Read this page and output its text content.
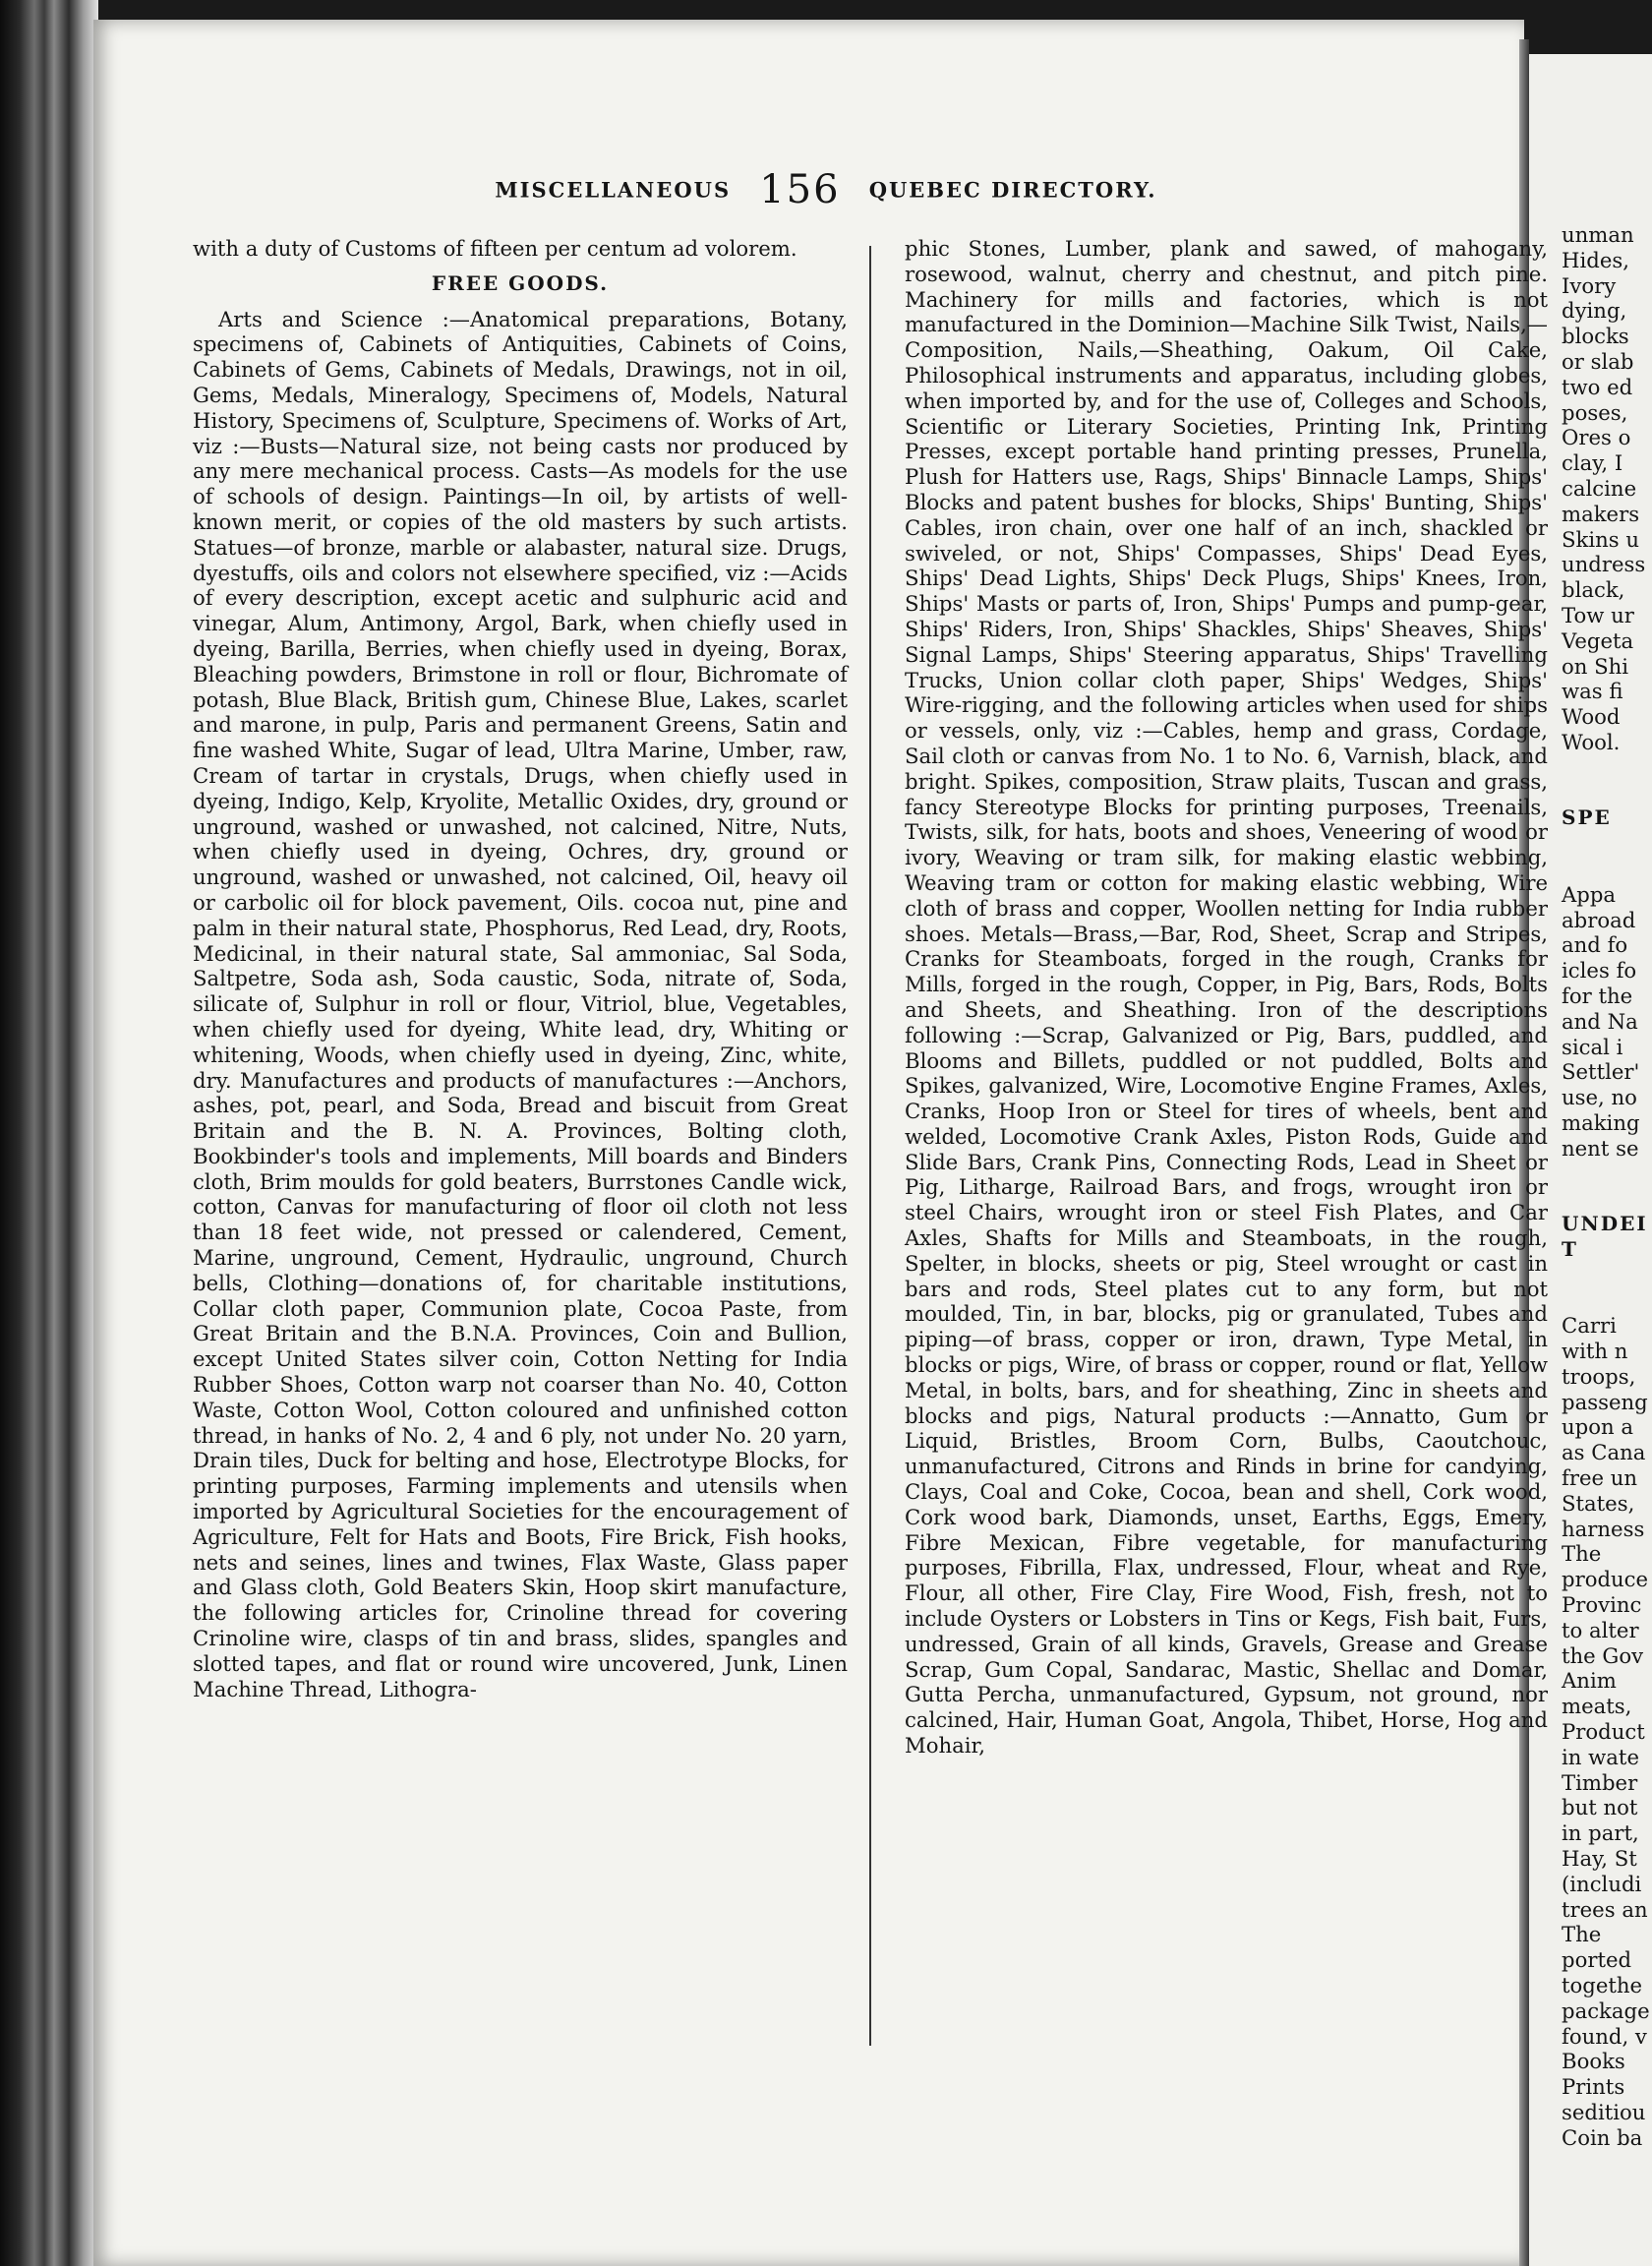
MISCELLANEOUS 156 QUEBEC DIRECTORY.

with a duty of Customs of fifteen per centum ad volorem.

FREE GOODS.

Arts and Science :—Anatomical preparations, Botany, specimens of, Cabinets of Antiquities, Cabinets of Coins, Cabinets of Gems, Cabinets of Medals, Drawings, not in oil, Gems, Medals, Mineralogy, Specimens of, Models, Natural History, Specimens of, Sculpture, Specimens of. Works of Art, viz :—Busts—Natural size, not being casts nor produced by any mere mechanical process. Casts—As models for the use of schools of design. Paintings—In oil, by artists of well-known merit, or copies of the old masters by such artists. Statues—of bronze, marble or alabaster, natural size. Drugs, dyestuffs, oils and colors not elsewhere specified, viz :—Acids of every description, except acetic and sulphuric acid and vinegar, Alum, Antimony, Argol, Bark, when chiefly used in dyeing, Barilla, Berries, when chiefly used in dyeing, Borax, Bleaching powders, Brimstone in roll or flour, Bichromate of potash, Blue Black, British gum, Chinese Blue, Lakes, scarlet and marone, in pulp, Paris and permanent Greens, Satin and fine washed White, Sugar of lead, Ultra Marine, Umber, raw, Cream of tartar in crystals, Drugs, when chiefly used in dyeing, Indigo, Kelp, Kryolite, Metallic Oxides, dry, ground or unground, washed or unwashed, not calcined, Nitre, Nuts, when chiefly used in dyeing, Ochres, dry, ground or unground, washed or unwashed, not calcined, Oil, heavy oil or carbolic oil for block pavement, Oils. cocoa nut, pine and palm in their natural state, Phosphorus, Red Lead, dry, Roots, Medicinal, in their natural state, Sal ammoniac, Sal Soda, Saltpetre, Soda ash, Soda caustic, Soda, nitrate of, Soda, silicate of, Sulphur in roll or flour, Vitriol, blue, Vegetables, when chiefly used for dyeing, White lead, dry, Whiting or whitening, Woods, when chiefly used in dyeing, Zinc, white, dry. Manufactures and products of manufactures :—Anchors, ashes, pot, pearl, and Soda, Bread and biscuit from Great Britain and the B. N. A. Provinces, Bolting cloth, Bookbinder's tools and implements, Mill boards and Binders cloth, Brim moulds for gold beaters, Burrstones Candle wick, cotton, Canvas for manufacturing of floor oil cloth not less than 18 feet wide, not pressed or calendered, Cement, Marine, unground, Cement, Hydraulic, unground, Church bells, Clothing—donations of, for charitable institutions, Collar cloth paper, Communion plate, Cocoa Paste, from Great Britain and the B.N.A. Provinces, Coin and Bullion, except United States silver coin, Cotton Netting for India Rubber Shoes, Cotton warp not coarser than No. 40, Cotton Waste, Cotton Wool, Cotton coloured and unfinished cotton thread, in hanks of No. 2, 4 and 6 ply, not under No. 20 yarn, Drain tiles, Duck for belting and hose, Electrotype Blocks, for printing purposes, Farming implements and utensils when imported by Agricultural Societies for the encouragement of Agriculture, Felt for Hats and Boots, Fire Brick, Fish hooks, nets and seines, lines and twines, Flax Waste, Glass paper and Glass cloth, Gold Beaters Skin, Hoop skirt manufacture, the following articles for, Crinoline thread for covering Crinoline wire, clasps of tin and brass, slides, spangles and slotted tapes, and flat or round wire uncovered, Junk, Linen Machine Thread, Lithogra-

phic Stones, Lumber, plank and sawed, of mahogany, rosewood, walnut, cherry and chestnut, and pitch pine. Machinery for mills and factories, which is not manufactured in the Dominion—Machine Silk Twist, Nails,—Composition, Nails,—Sheathing, Oakum, Oil Cake, Philosophical instruments and apparatus, including globes, when imported by, and for the use of, Colleges and Schools, Scientific or Literary Societies, Printing Ink, Printing Presses, except portable hand printing presses, Prunella, Plush for Hatters use, Rags, Ships' Binnacle Lamps, Ships' Blocks and patent bushes for blocks, Ships' Bunting, Ships' Cables, iron chain, over one half of an inch, shackled or swiveled, or not, Ships' Compasses, Ships' Dead Eyes, Ships' Dead Lights, Ships' Deck Plugs, Ships' Knees, Iron, Ships' Masts or parts of, Iron, Ships' Pumps and pump-gear, Ships' Riders, Iron, Ships' Shackles, Ships' Sheaves, Ships' Signal Lamps, Ships' Steering apparatus, Ships' Travelling Trucks, Union collar cloth paper, Ships' Wedges, Ships' Wire-rigging, and the following articles when used for ships or vessels, only, viz :—Cables, hemp and grass, Cordage, Sail cloth or canvas from No. 1 to No. 6, Varnish, black, and bright. Spikes, composition, Straw plaits, Tuscan and grass, fancy Stereotype Blocks for printing purposes, Treenails, Twists, silk, for hats, boots and shoes, Veneering of wood or ivory, Weaving or tram silk, for making elastic webbing, Weaving tram or cotton for making elastic webbing, Wire cloth of brass and copper, Woollen netting for India rubber shoes. Metals—Brass,—Bar, Rod, Sheet, Scrap and Stripes, Cranks for Steamboats, forged in the rough, Cranks for Mills, forged in the rough, Copper, in Pig, Bars, Rods, Bolts and Sheets, and Sheathing. Iron of the descriptions following :—Scrap, Galvanized or Pig, Bars, puddled, and Blooms and Billets, puddled or not puddled, Bolts and Spikes, galvanized, Wire, Locomotive Engine Frames, Axles, Cranks, Hoop Iron or Steel for tires of wheels, bent and welded, Locomotive Crank Axles, Piston Rods, Guide and Slide Bars, Crank Pins, Connecting Rods, Lead in Sheet or Pig, Litharge, Railroad Bars, and frogs, wrought iron or steel Chairs, wrought iron or steel Fish Plates, and Car Axles, Shafts for Mills and Steamboats, in the rough, Spelter, in blocks, sheets or pig, Steel wrought or cast in bars and rods, Steel plates cut to any form, but not moulded, Tin, in bar, blocks, pig or granulated, Tubes and piping—of brass, copper or iron, drawn, Type Metal, in blocks or pigs, Wire, of brass or copper, round or flat, Yellow Metal, in bolts, bars, and for sheathing, Zinc in sheets and blocks and pigs, Natural products :—Annatto, Gum or Liquid, Bristles, Broom Corn, Bulbs, Caoutchouc, unmanufactured, Citrons and Rinds in brine for candying, Clays, Coal and Coke, Cocoa, bean and shell, Cork wood, Cork wood bark, Diamonds, unset, Earths, Eggs, Emery, Fibre Mexican, Fibre vegetable, for manufacturing purposes, Fibrilla, Flax, undressed, Flour, wheat and Rye, Flour, all other, Fire Clay, Fire Wood, Fish, fresh, not to include Oysters or Lobsters in Tins or Kegs, Fish bait, Furs, undressed, Grain of all kinds, Gravels, Grease and Grease Scrap, Gum Copal, Sandarac, Mastic, Shellac and Domar, Gutta Percha, unmanufactured, Gypsum, not ground, nor calcined, Hair, Human Goat, Angola, Thibet, Horse, Hog and Mohair,

unman
Hides,
Ivory
dying,
blocks
or slab
two ed
poses,
Ores o
clay, I
calcine
makers
Skins u
undress
black,
Tow ur
Vegeta
on Shi
was fi
Wood
Wool.
SPE
Appa
abroad
and fo
icles fo
for the
and Na
sical i
Settler'
use, no
making
nent se
UNDEI
T
Carri
with n
troops,
passeng
upon a
as Cana
free un
States,
harness
The
produce
Provinc
to alter
the Gov
Anim
meats,
Product
in wate
Timber
but not
in part,
Hay, St
(includi
trees an
The
ported
togethe
package
found, v
Books
Prints
seditiou
Coin ba
